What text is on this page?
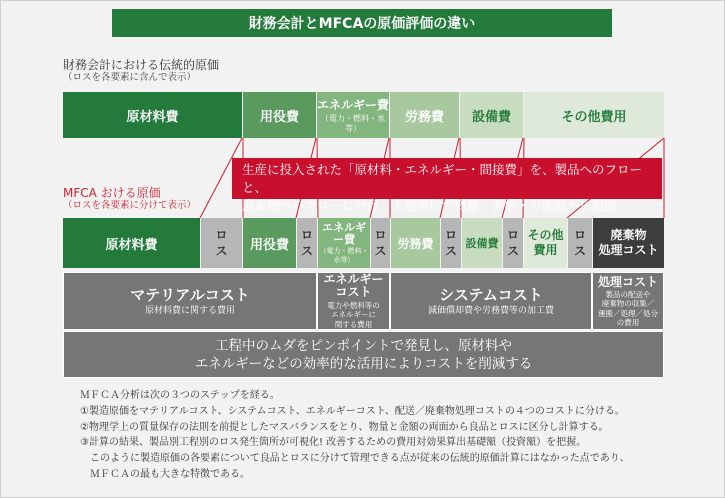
財務会計とMFCAの原価評価の違い
財務会計における伝統的原価
（ロスを各要素に含んで表示）
原材料費	用役費
エネルギー費
（電力・燃料・水等）
労務費 設備費	その他費用
生産に投入された「原材料・エネルギー・間接費」を、製品へのフローと、
廃棄物へのフローに分け、工程単位で物量・金額・の両面から把握
MFCA おける原価
（ロスを各要素に分けて表示）
原材料費
ロ
ス 用役費
ロ
ス
エネルギ
ー費
（電力・燃料・
水等）
ロ
ス
労務費
ロ
ス
設備費
ロ
ス
その他
費用
ロ
ス
廃棄物
処理コスト
マテリアルコスト
原材料費に関する費用
エネルギー
コスト
電力や燃料等の
エネルギーに
関する費用
システムコスト
減価償却費や労務費等の加工費
処理コスト
製品の配送や
廃棄物の収集／
運搬／処理／処分
の費用
工程中のムダをピンポイントで発見し、原材料や
エネルギーなどの効率的な活用によりコストを削減する
ＭＦＣＡ分析は次の３つのステップを経る。
①製造原価をマテリアルコスト、システムコスト、エネルギーコスト、配送／廃棄物処理コストの４つのコストに分ける。
②物理学上の質量保存の法則を前提としたマスバランスをとり、物量と金額の両面から良品とロスに区分し計算する。
③計算の結果、製品別工程別のロス発生箇所が可視化! 改善するための費用対効果算出基礎額（投資額）を把握。
　このように製造原価の各要素について良品とロスに分けて管理できる点が従来の伝統的原価計算にはなかった点であり、
　ＭＦＣＡの最も大きな特徴である。
